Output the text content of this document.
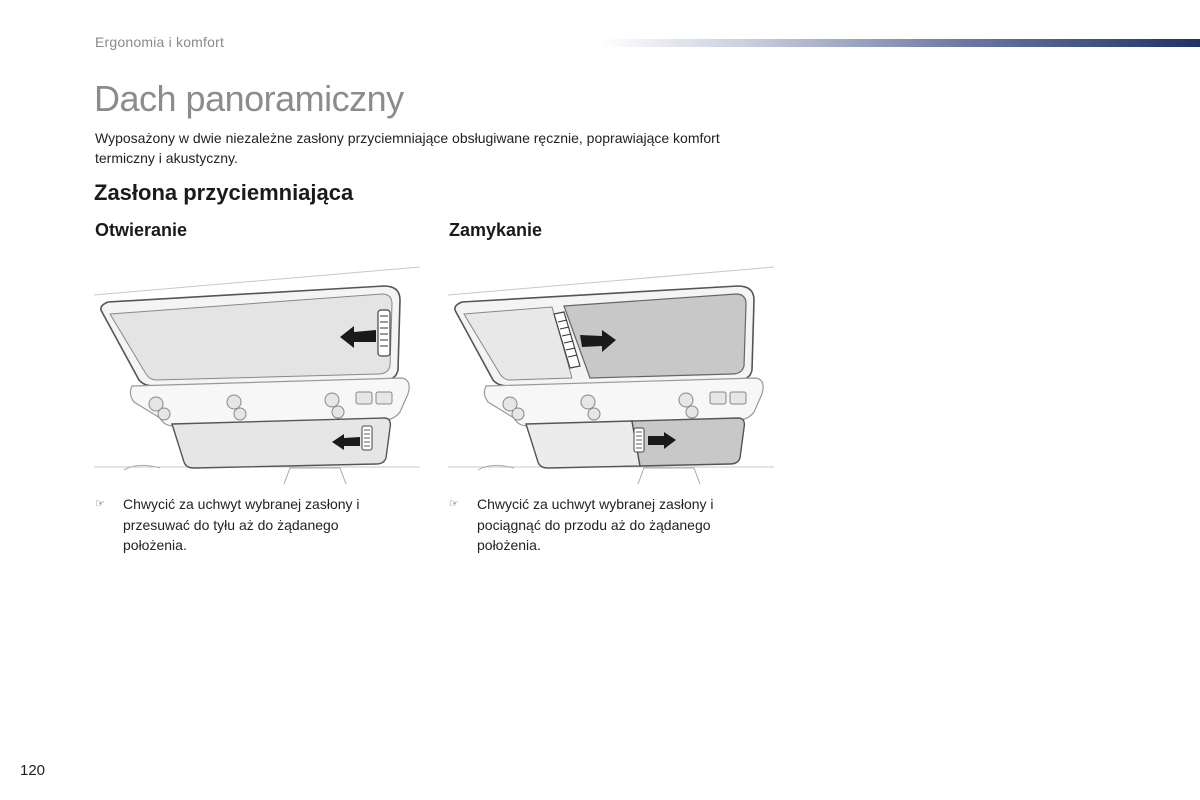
Ergonomia i komfort
Dach panoramiczny

Wyposażony w dwie niezależne zasłony przyciemniające obsługiwane ręcznie, poprawiające komfort termiczny i akustyczny.

Zasłona przyciemniająca
Otwieranie	Zamykanie
☞ Chwycić za uchwyt wybranej zasłony i przesuwać do tyłu aż do żądanego położenia.
☞ Chwycić za uchwyt wybranej zasłony i pociągnąć do przodu aż do żądanego położenia.
120
